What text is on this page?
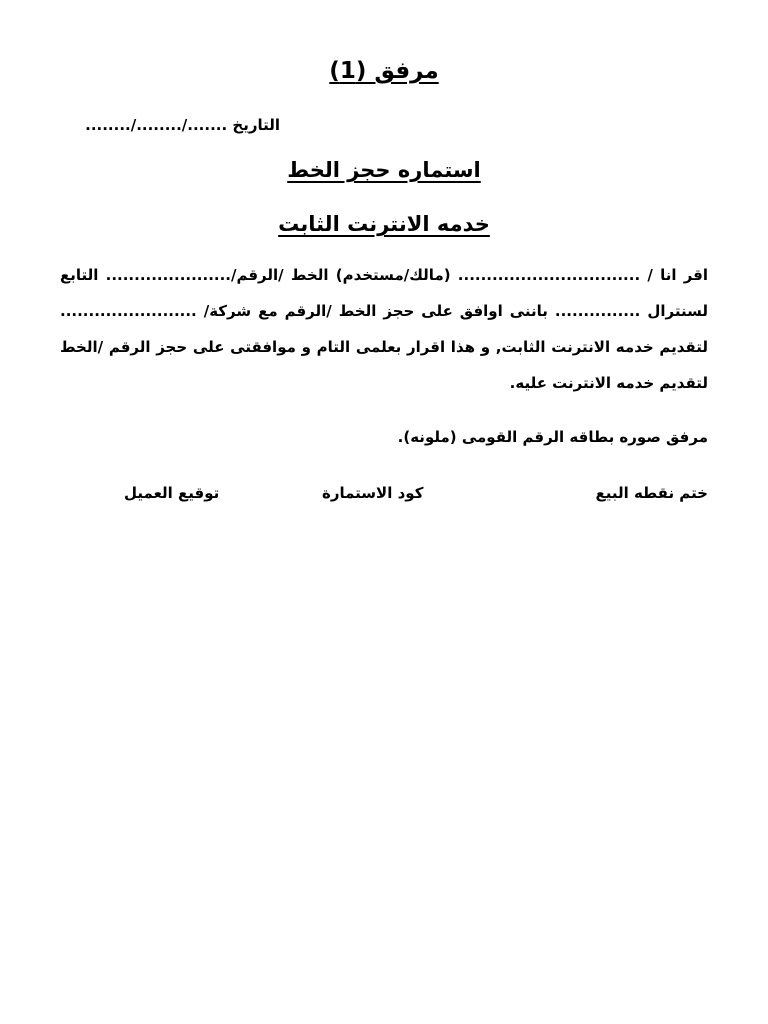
مرفق (1)
التاريخ ......./......../........
استماره حجز الخط
خدمه الانترنت الثابت
اقر انا / ................................ (مالك/مستخدم) الخط /الرقم/...................... التابع
لسنترال ............... باننى اوافق على حجز الخط /الرقم مع شركة/ ........................
لتقديم خدمه الانترنت الثابت, و هذا اقرار بعلمى التام و موافقتى على حجز الرقم /الخط
لتقديم خدمه الانترنت عليه.
مرفق صوره بطاقه الرقم القومى (ملونه).
ختم نقطه البيع
كود الاستمارة
توقيع العميل
